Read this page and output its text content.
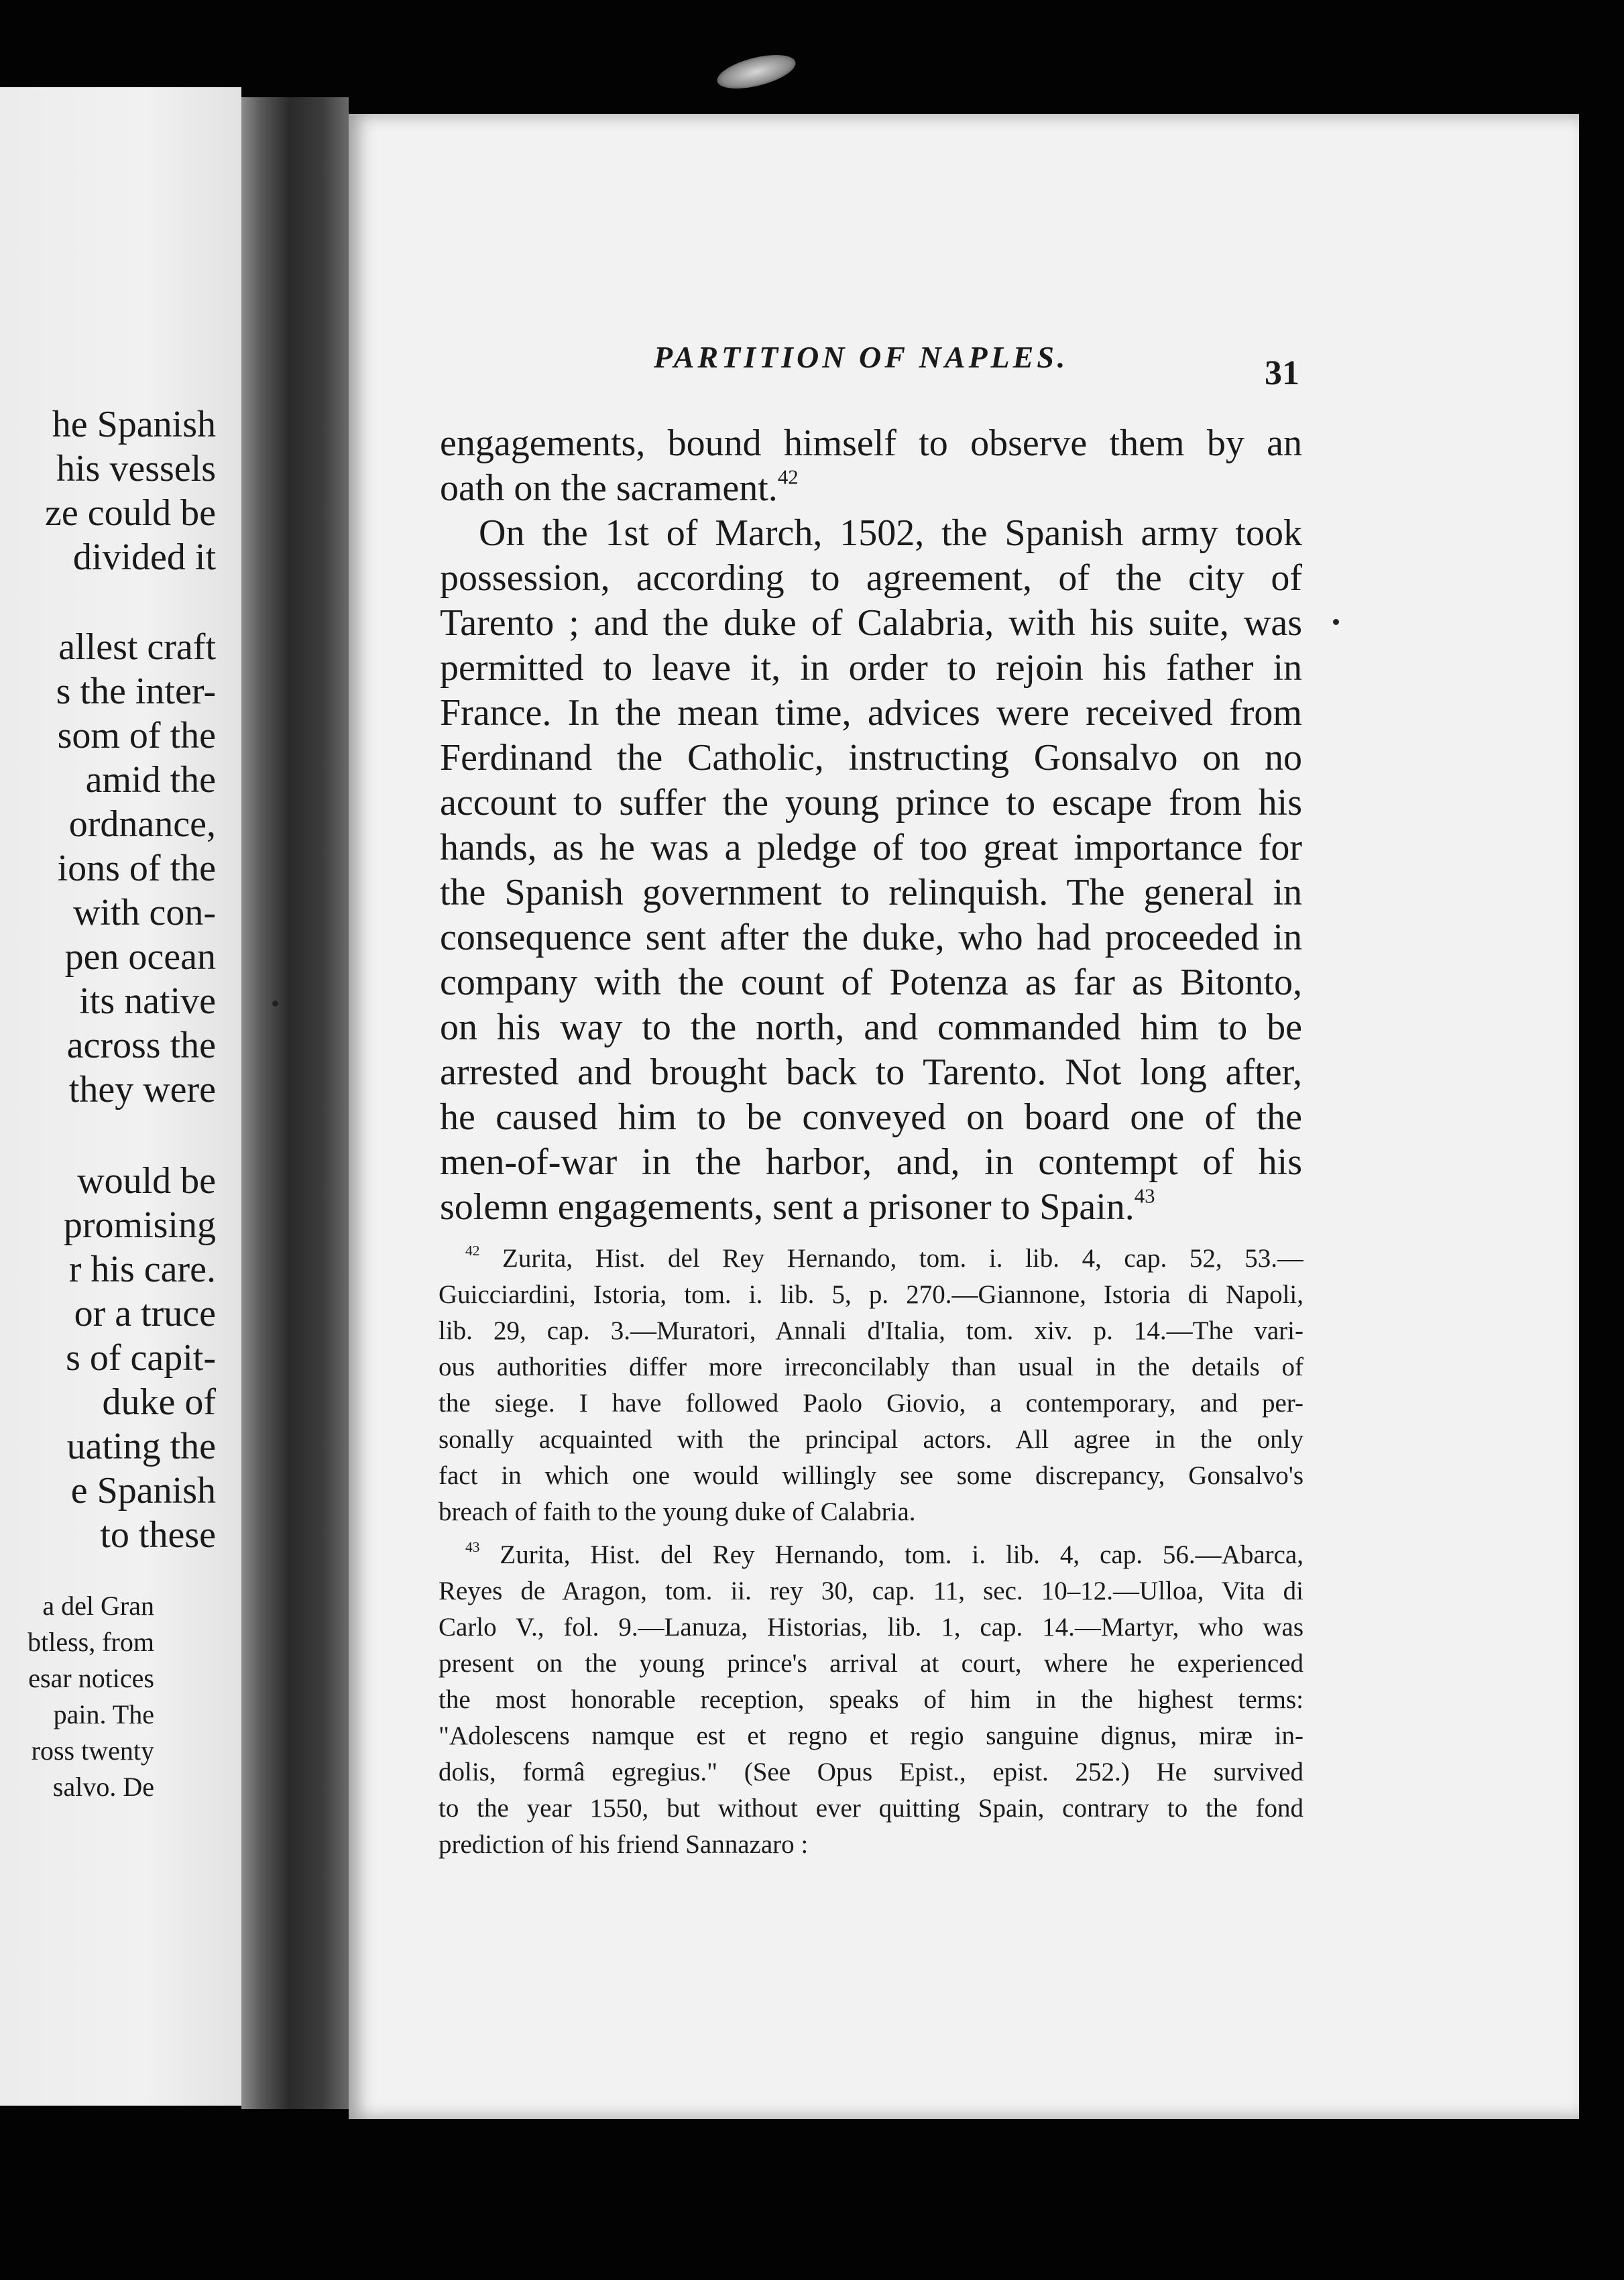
he Spanish

his vessels

ze could be

divided it

allest craft

s the inter-

som of the

amid the

ordnance,

ions of the

with con-

pen ocean

its native

across the

they were

would be

promising

r his care.

or a truce

s of capit-

duke of

uating the

e Spanish

to these

a del Gran

btless, from

esar notices

pain. The

ross twenty

salvo. De

PARTITION OF NAPLES.	31

engagements, bound himself to observe them by an

oath on the sacrament.$^{42}$

On the 1st of March, 1502, the Spanish army took

possession, according to agreement, of the city of

Tarento ; and the duke of Calabria, with his suite, was

permitted to leave it, in order to rejoin his father in

France. In the mean time, advices were received from

Ferdinand the Catholic, instructing Gonsalvo on no

account to suffer the young prince to escape from his

hands, as he was a pledge of too great importance for

the Spanish government to relinquish. The general in

consequence sent after the duke, who had proceeded in

company with the count of Potenza as far as Bitonto,

on his way to the north, and commanded him to be

arrested and brought back to Tarento. Not long after,

he caused him to be conveyed on board one of the

men-of-war in the harbor, and, in contempt of his

solemn engagements, sent a prisoner to Spain.$^{43}$

$^{42}$ Zurita, Hist. del Rey Hernando, tom. i. lib. 4, cap. 52, 53.—

Guicciardini, Istoria, tom. i. lib. 5, p. 270.—Giannone, Istoria di Napoli,

lib. 29, cap. 3.—Muratori, Annali d'Italia, tom. xiv. p. 14.—The vari-

ous authorities differ more irreconcilably than usual in the details of

the siege. I have followed Paolo Giovio, a contemporary, and per-

sonally acquainted with the principal actors. All agree in the only

fact in which one would willingly see some discrepancy, Gonsalvo's

breach of faith to the young duke of Calabria.

$^{43}$ Zurita, Hist. del Rey Hernando, tom. i. lib. 4, cap. 56.—Abarca,

Reyes de Aragon, tom. ii. rey 30, cap. 11, sec. 10–12.—Ulloa, Vita di

Carlo V., fol. 9.—Lanuza, Historias, lib. 1, cap. 14.—Martyr, who was

present on the young prince's arrival at court, where he experienced

the most honorable reception, speaks of him in the highest terms:

"Adolescens namque est et regno et regio sanguine dignus, miræ in-

dolis, formâ egregius." (See Opus Epist., epist. 252.) He survived

to the year 1550, but without ever quitting Spain, contrary to the fond

prediction of his friend Sannazaro :
